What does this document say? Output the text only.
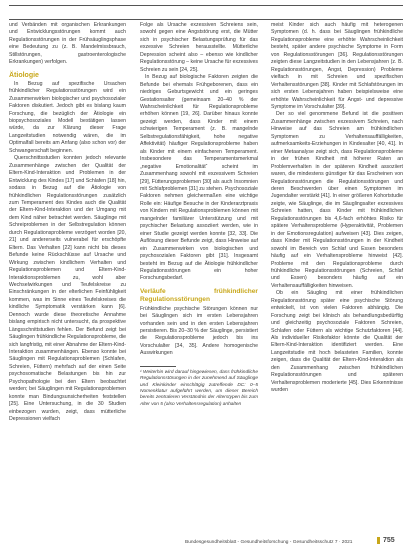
und Verbänden mit organischen Erkrankungen und Entwicklungsstörungen kommt auch Regulationsstörungen in der Frühsäuglingsphase eine Bedeutung zu (z. B. Mandelmissbrauch, Stillstörungen, gastroenterologische Erkrankungen) verfolgen.

Ätiologie

In Bezug auf spezifische Ursachen frühkindlicher Regulationsstörungen wird ein Zusammenwirken biologischer und psychosozialer Faktoren diskutiert. Jedoch gibt es bislang kaum Forschung, die bezüglich der Ätiologie ein biopsychosoziales Modell bestätigen lassen würde, da zur Klärung dieser Frage Langzeitstudien notwendig wären, die im Optimalfall bereits am Anfang (also schon vor) der Schwangerschaft beginnen.

Querschnittsstudien konnten jedoch relevante Zusammenhänge zwischen der Qualität der Eltern-Kind-Interaktion und Problemen in der Entwicklung des Kindes [17] und Schlafen [18] hin, sodass in Bezug auf die Ätiologie von frühkindlichen Regulationsstörungen zusätzlich zum Temperament des Kindes auch die Qualität der Eltern-Kind-Interaktion und der Umgang mit dem Kind näher betrachtet werden. Säuglinge mit Schreiproblemen in der Selbstregulation können durch Regulationsprobleme verzögert worden [20, 21] und andererseits vulnerabel für erschöpfte Eltern. Das Verhalten [22] kann nicht bis dieses Befunde keine Rückschlüsse auf Ursache und Wirkung zwischen kindlichem Verhalten und Regulationsproblemen und Eltern-Kind-Interaktionsproblemen zu, wohl aber Wechselwirkungen und Teufelskreise zu Einschränkungen in der elterlichen Feinfühligkeit kommen, was im Sinne eines Teufelskreises die kindliche Symptomatik verstärken kann [6]. Dennoch wurde diese theoretische Annahme bislang empirisch nicht untersucht, da prospektive Längsschnittstudien fehlen. Der Befund zeigt bei Säuglingen frühkindliche Regulationsprobleme, die sich langfristig, mit einer Abnahme der Eltern-Kind-Interaktion zusammenhängen. Ebenso konnte bei Säuglingen mit Regulationsproblemen (Schlafen, Schreien, Füttern) mehrfach auf der einen Seite psychosomatische Belastungen bis hin zur Psychopathologie bei den Eltern beobachtet werden; bei Säuglingen mit Regulationsproblemen konnte man Bindungsunsicherheiten feststellen [25]. Eine Untersuchung, in die 30 Studien einbezogen wurden, zeigt, dass mütterliche Depressionen vielfach

Folge als Ursache exzessiven Schreiens sein, sowohl gegen eine Angststörung erst, die Mütter sich in psychischer Belastungsprüfung für das exzessive Schreien herausstellte. Mütterliche Depression scheint also – ebenso wie kindlicher Regulationsstörung – keine Ursache für exzessives Schreien zu sein [24, 25].

In Bezug auf biologische Faktoren zeigten die Befunde bei ehemals Frühgeborenen, dass ein niedriges Geburtsgewicht und ein geringes Gestationsalter (gemeinsam 20–40 % der Wahrscheinlichkeit für Regulationsprobleme erhöhen können [19, 26]. Darüber hinaus konnte gezeigt werden, dass Kinder mit einem schwierigen Temperament (z. B. mangelnde Selbstregulationsfähigkeit, hohe negative Affektivität) häufiger Regulationsprobleme haben als Kinder mit einem einfacheren Temperament. Insbesondere das Temperamentsmerkmal „negative Emotionalität“ scheint im Zusammenhang sowohl mit exzessivem Schreien [29], Fütterungsproblemen [30] als auch Insomnien mit Schlafproblemen [31] zu stehen. Psychosoziale Faktoren nehmen gleichermaßen eine wichtige Rolle ein: Häufige Besuche in der Kinderarztpraxis von Kindern mit Regulationsproblemen können mit mangelnder familiärer Unterstützung und mit psychischer Belastung assoziiert werden, wie in einer Studie gezeigt werden konnte [32, 33]. Die Auflösung dieser Befunde zeigt, dass Hinweise auf ein Zusammenwirken von biologischen und psychosozialen Faktoren gibt [31]. Insgesamt besteht im Bezug auf die Ätiologie frühkindlicher Regulationsstörungen ein hoher Forschungsbedarf.

Verläufe frühkindlicher Regulationsstörungen

Frühkindliche psychische Störungen können nur bei Säuglingen sich im ersten Lebensjahren vorhanden sein und in den ersten Lebensjahren persistieren. Bis 20–30 % der Säuglinge, persistiert die Regulationsprobleme jedoch bis ins Vorschulalter [34, 35]. Andere homogenische Auswirkungen

¹ Weiterhin wird darauf hingewiesen, dass frühkindliche Regulationsstörungen in der zunehmend auf Säuglinge und Kleinkinder einschlägig zutreffende DC: 0–5 Nomenklatur aufgeführt werden, um dieser Bereich bereits zentraleren Verständnis der Alterstypen bis zum Alter von 5 (also Verhaltensregulation) anhalten

meist Kinder sich auch häufig mit heterogenen Symptomen (d. h. dass bei Säuglingen frühkindliche Regulationsprobleme eine erhöhte Wahrscheinlichkeit besteht, später andere psychische Symptome in Form von Regulationsstörungen [36]. Regulationsstörungen zeigten diese Langzeitstudien in den Lebensjahren (z. B. Regulationsstörungen, Angst, Depression) Probleme vielfach in mit Schreien und spezifischen Verhaltensstörungen [38]. Kinder mit Schlafstörungen im sich ersten Lebensjahren haben beispielsweise eine erhöhte Wahrscheinlichkeit für Angst- und depressive Symptome im Vorschulalter [39].

Der so viel genommene Befund ist die positiven Zusammenhänge zwischen exzessivem Schreien, nach Hinweise auf das Schreien am frühkindlichen Symptomen zu Verhaltensauffälligkeiten, aufmerksamkeits-Erziehungen in Kindesalter [40, 41]. In einer Metaanalyse zeigt sich, dass Regulationsprobleme in der frühen Kindheit mit höherer Raten an Problemverhalten in der späteren Kindheit assoziiert waren, die mindestens günstiger für das Erscheinen von Regulationsstörungen die Regulationsstörungen und deren Beschwerden über einen Symptomen im Jugendalter verstärkt [41]. In einer größeren Kohortstudie zeigte, wie Säuglinge, die im Säuglingsalter exzessives Schreien hatten, dass Kinder mit frühkindlichen Regulationsstörungen bis 4,6-fach erhöhtes Risiko für spätere Verhaltensprobleme (Hyperaktivität, Problemen in der Emotionsregulation) aufweisen [43]. Dies zeigen, dass Kinder mit Regulationsstörungen in der Kindheit sowohl im Bereich von Schlaf und Essen besonders häufig auf ein Verhaltensprobleme hinweist [42]. Probleme mit den Regulationsprobleme durch frühkindliche Regulationsstörungen (Schreien, Schlaf und Essen) besonders häufig auf ein Verhaltensauffälligkeiten hinweisen.

Ob ein Säugling mit einer frühkindlichen Regulationsstörung später eine psychische Störung entwickelt, ist von vielen Faktoren abhängig. Die Forschung zeigt bei klinisch als behandlungsbedürftig und gleichzeitig psychosoziale Faktoren Schreien, Schlafen oder Füttern als wichtige Schutzfaktoren [44]. Als individueller Risikofaktor könnte die Qualität der Eltern-Kind-Interaktion identifiziert werden. Eine Langzeitstudie mit hoch belasteten Familien, konnte zeigen, dass die Qualität der Eltern-Kind-Interaktion als den Zusammenhang zwischen frühkindlichen Regulationsstörungen und späteren Verhaltensproblemen moderierte [45]. Dies Erkenntnisse wurden

Bundesgesundheitsblatt - Gesundheitsforschung - Gesundheitsschutz 7 · 2021	755
